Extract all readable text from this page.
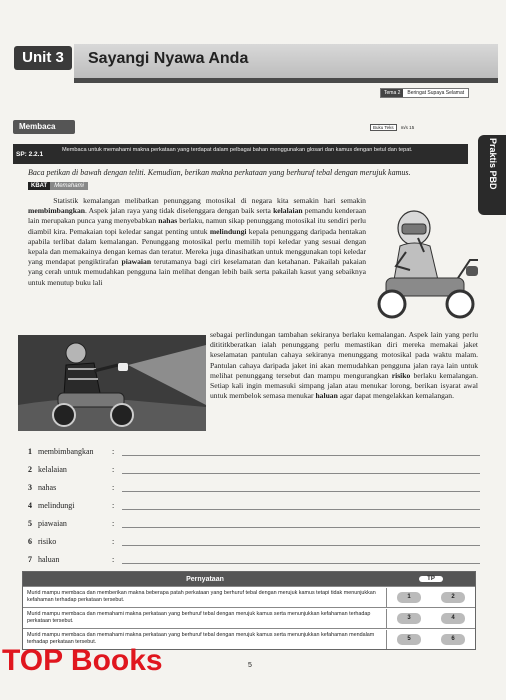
Unit 3	Sayangi Nyawa Anda
Tema 2	Beringat Supaya Selamat
Membaca	Buku Teks	m/s 15
SP: 2.2.1
Membaca untuk memahami makna perkataan yang terdapat dalam pelbagai bahan menggunakan glosari dan kamus dengan betul dan tepat.	Praktis PBD
Baca petikan di bawah dengan teliti. Kemudian, berikan makna perkataan yang berhuruf tebal dengan merujuk kamus.
KBAT	Memahami
Statistik kemalangan melibatkan penunggang motosikal di negara kita semakin hari semakin membimbangkan. Aspek jalan raya yang tidak diselenggara dengan baik serta kelalaian pemandu kenderaan lain merupakan punca yang menyebabkan nahas berlaku, namun sikap penunggang motosikal itu sendiri perlu diambil kira. Pemakaian topi keledar sangat penting untuk melindungi kepala penunggang daripada hentakan apabila terlibat dalam kemalangan. Penunggang motosikal perlu memilih topi keledar yang sesuai dengan kepala dan memakainya dengan kemas dan teratur. Mereka juga dinasihatkan untuk menggunakan topi keledar yang mendapat pengiktirafan piawaian terutamanya bagi ciri keselamatan dan ketahanan. Pakailah pakaian yang cerah untuk memudahkan pengguna lain melihat dengan lebih baik serta pakailah kasut yang sebaiknya untuk menutup buku lali
sebagai perlindungan tambahan sekiranya berlaku kemalangan. Aspek lain yang perlu ditititkberatkan ialah penunggang perlu memastikan diri mereka memakai jaket keselamatan pantulan cahaya sekiranya menunggang motosikal pada waktu malam. Pantulan cahaya daripada jaket ini akan memudahkan pengguna jalan raya lain untuk melihat penunggang tersebut dan mampu mengurangkan risiko berlaku kemalangan. Setiap kali ingin memasuki simpang jalan atau menukar lorong, berikan isyarat awal untuk membelok semasa menukar haluan agar dapat mengelakkan kemalangan.
1 membimbangkan	:
2 kelalaian	:
3 nahas	:
4 melindungi	:
5 piawaian	:
6 risiko	:
7 haluan	:
Pernyataan	TP
Murid mampu membaca dan memberikan makna beberapa patah perkataan yang berhuruf tebal dengan merujuk kamus tetapi tidak menunjukkan kefahaman terhadap perkataan tersebut.
1	2
Murid mampu membaca dan memahami makna perkataan yang berhuruf tebal dengan merujuk kamus serta menunjukkan kefahaman terhadap perkataan tersebut.
3	4
Murid mampu membaca dan memahami makna perkataan yang berhuruf tebal dengan merujuk kamus serta menunjukkan kefahaman mendalam terhadap perkataan tersebut.
5	6
5
TOP Books
